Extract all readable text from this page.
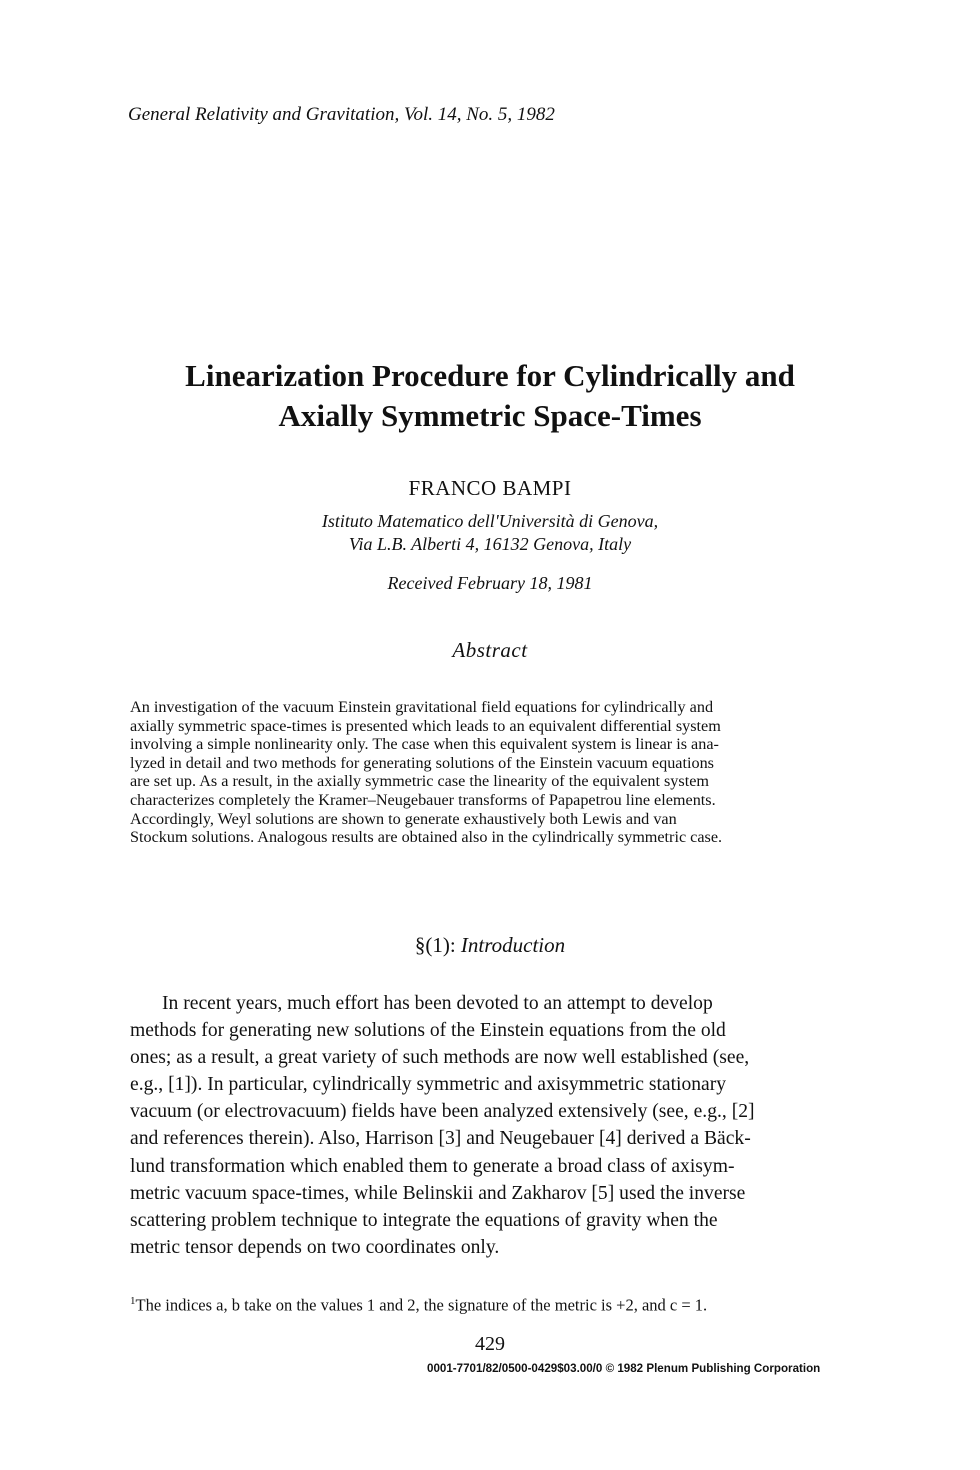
General Relativity and Gravitation, Vol. 14, No. 5, 1982
Linearization Procedure for Cylindrically and
Axially Symmetric Space-Times
FRANCO BAMPI
Istituto Matematico dell'Università di Genova,
Via L.B. Alberti 4, 16132 Genova, Italy
Received February 18, 1981
Abstract
An investigation of the vacuum Einstein gravitational field equations for cylindrically and
axially symmetric space-times is presented which leads to an equivalent differential system
involving a simple nonlinearity only. The case when this equivalent system is linear is ana-
lyzed in detail and two methods for generating solutions of the Einstein vacuum equations
are set up. As a result, in the axially symmetric case the linearity of the equivalent system
characterizes completely the Kramer–Neugebauer transforms of Papapetrou line elements.
Accordingly, Weyl solutions are shown to generate exhaustively both Lewis and van
Stockum solutions. Analogous results are obtained also in the cylindrically symmetric case.
§(1): Introduction
In recent years, much effort has been devoted to an attempt to develop
methods for generating new solutions of the Einstein equations from the old
ones; as a result, a great variety of such methods are now well established (see,
e.g., [1]). In particular, cylindrically symmetric and axisymmetric stationary
vacuum (or electrovacuum) fields have been analyzed extensively (see, e.g., [2]
and references therein). Also, Harrison [3] and Neugebauer [4] derived a Bäck-
lund transformation which enabled them to generate a broad class of axisym-
metric vacuum space-times, while Belinskii and Zakharov [5] used the inverse
scattering problem technique to integrate the equations of gravity when the
metric tensor depends on two coordinates only.
$^1$The indices a, b take on the values 1 and 2, the signature of the metric is +2, and c = 1.
429
0001-7701/82/0500-0429$03.00/0 © 1982 Plenum Publishing Corporation
